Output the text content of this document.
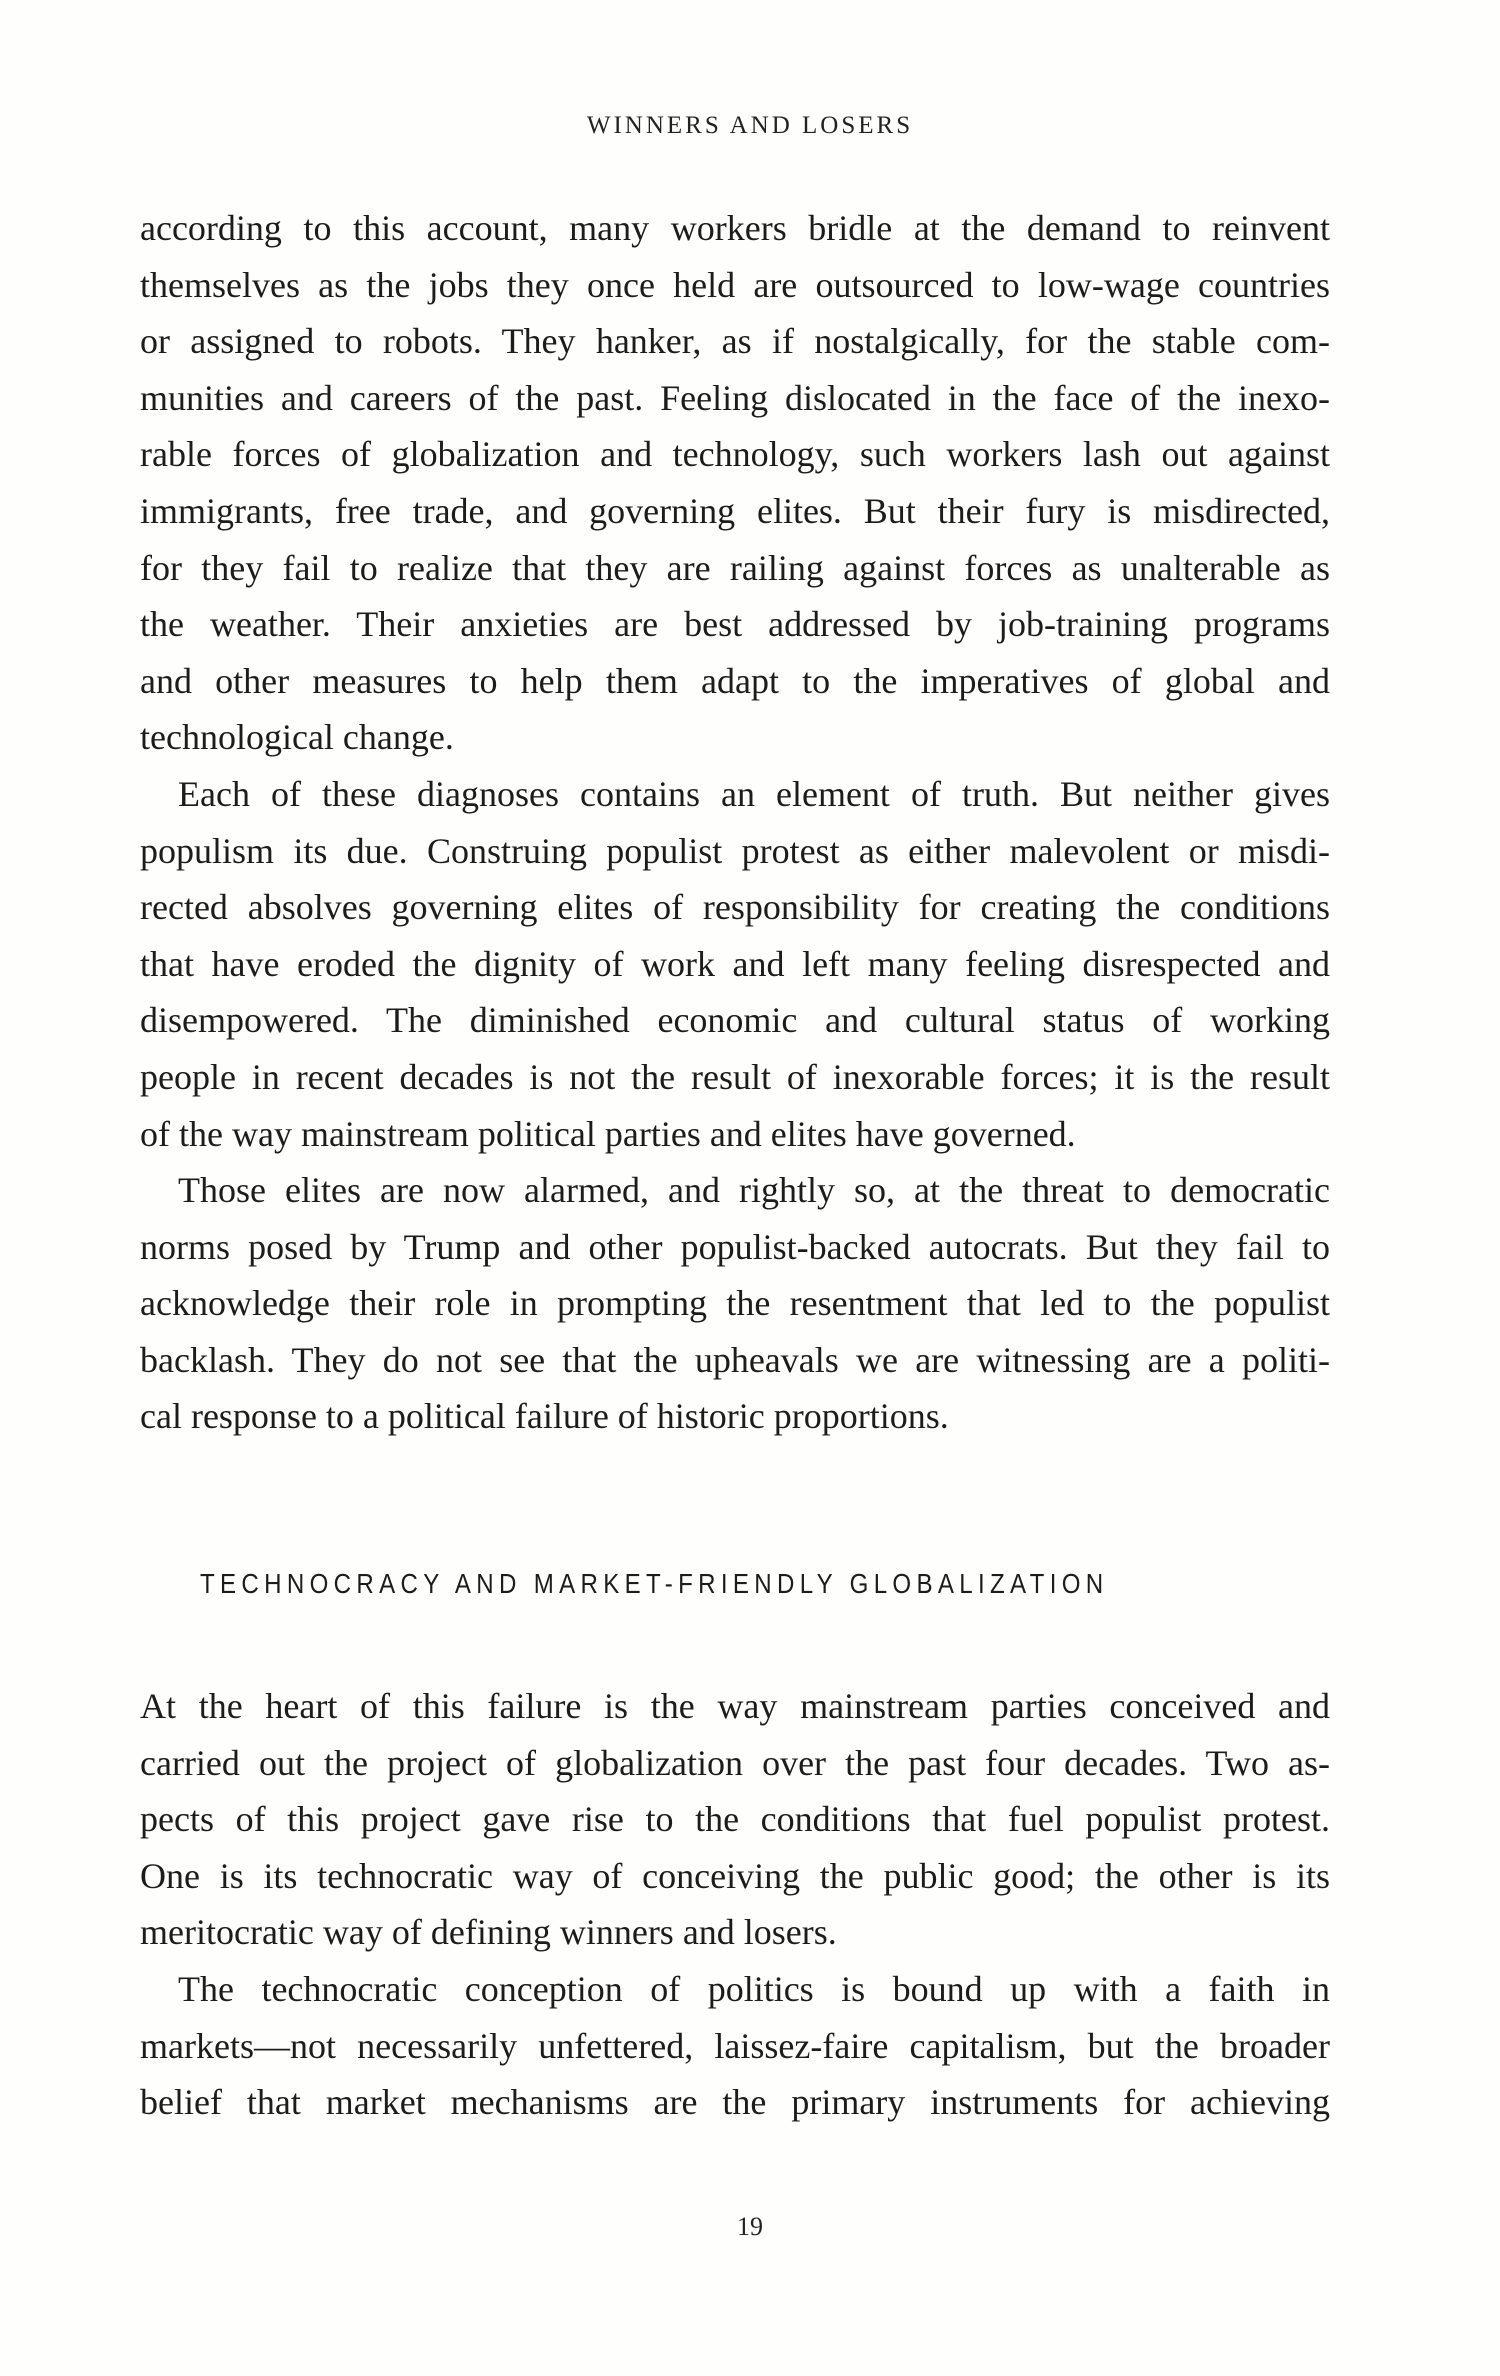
WINNERS AND LOSERS
according to this account, many workers bridle at the demand to reinvent
themselves as the jobs they once held are outsourced to low-wage countries
or assigned to robots. They hanker, as if nostalgically, for the stable com-
munities and careers of the past. Feeling dislocated in the face of the inexo-
rable forces of globalization and technology, such workers lash out against
immigrants, free trade, and governing elites. But their fury is misdirected,
for they fail to realize that they are railing against forces as unalterable as
the weather. Their anxieties are best addressed by job-training programs
and other measures to help them adapt to the imperatives of global and
technological change.
Each of these diagnoses contains an element of truth. But neither gives
populism its due. Construing populist protest as either malevolent or misdi-
rected absolves governing elites of responsibility for creating the conditions
that have eroded the dignity of work and left many feeling disrespected and
disempowered. The diminished economic and cultural status of working
people in recent decades is not the result of inexorable forces; it is the result
of the way mainstream political parties and elites have governed.
Those elites are now alarmed, and rightly so, at the threat to democratic
norms posed by Trump and other populist-backed autocrats. But they fail to
acknowledge their role in prompting the resentment that led to the populist
backlash. They do not see that the upheavals we are witnessing are a politi-
cal response to a political failure of historic proportions.
TECHNOCRACY AND MARKET-FRIENDLY GLOBALIZATION
At the heart of this failure is the way mainstream parties conceived and
carried out the project of globalization over the past four decades. Two as-
pects of this project gave rise to the conditions that fuel populist protest.
One is its technocratic way of conceiving the public good; the other is its
meritocratic way of defining winners and losers.
The technocratic conception of politics is bound up with a faith in
markets—not necessarily unfettered, laissez-faire capitalism, but the broader
belief that market mechanisms are the primary instruments for achieving
19
